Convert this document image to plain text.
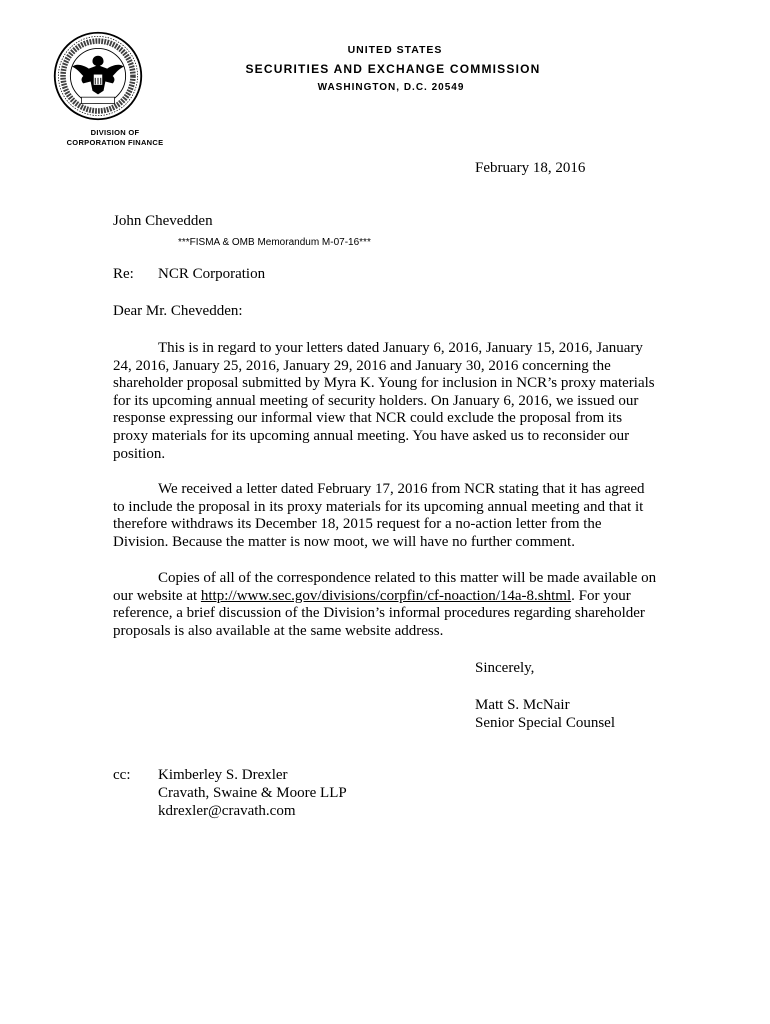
UNITED STATES
SECURITIES AND EXCHANGE COMMISSION
WASHINGTON, D.C. 20549
DIVISION OF
CORPORATION FINANCE
February 18, 2016
John Chevedden
***FISMA & OMB Memorandum M-07-16***
Re: NCR Corporation
Dear Mr. Chevedden:
This is in regard to your letters dated January 6, 2016, January 15, 2016, January 24, 2016, January 25, 2016, January 29, 2016 and January 30, 2016 concerning the shareholder proposal submitted by Myra K. Young for inclusion in NCR’s proxy materials for its upcoming annual meeting of security holders. On January 6, 2016, we issued our response expressing our informal view that NCR could exclude the proposal from its proxy materials for its upcoming annual meeting. You have asked us to reconsider our position.
We received a letter dated February 17, 2016 from NCR stating that it has agreed to include the proposal in its proxy materials for its upcoming annual meeting and that it therefore withdraws its December 18, 2015 request for a no-action letter from the Division. Because the matter is now moot, we will have no further comment.
Copies of all of the correspondence related to this matter will be made available on our website at http://www.sec.gov/divisions/corpfin/cf-noaction/14a-8.shtml. For your reference, a brief discussion of the Division’s informal procedures regarding shareholder proposals is also available at the same website address.
Sincerely,
Matt S. McNair
Senior Special Counsel
cc: Kimberley S. Drexler
Cravath, Swaine & Moore LLP
kdrexler@cravath.com
